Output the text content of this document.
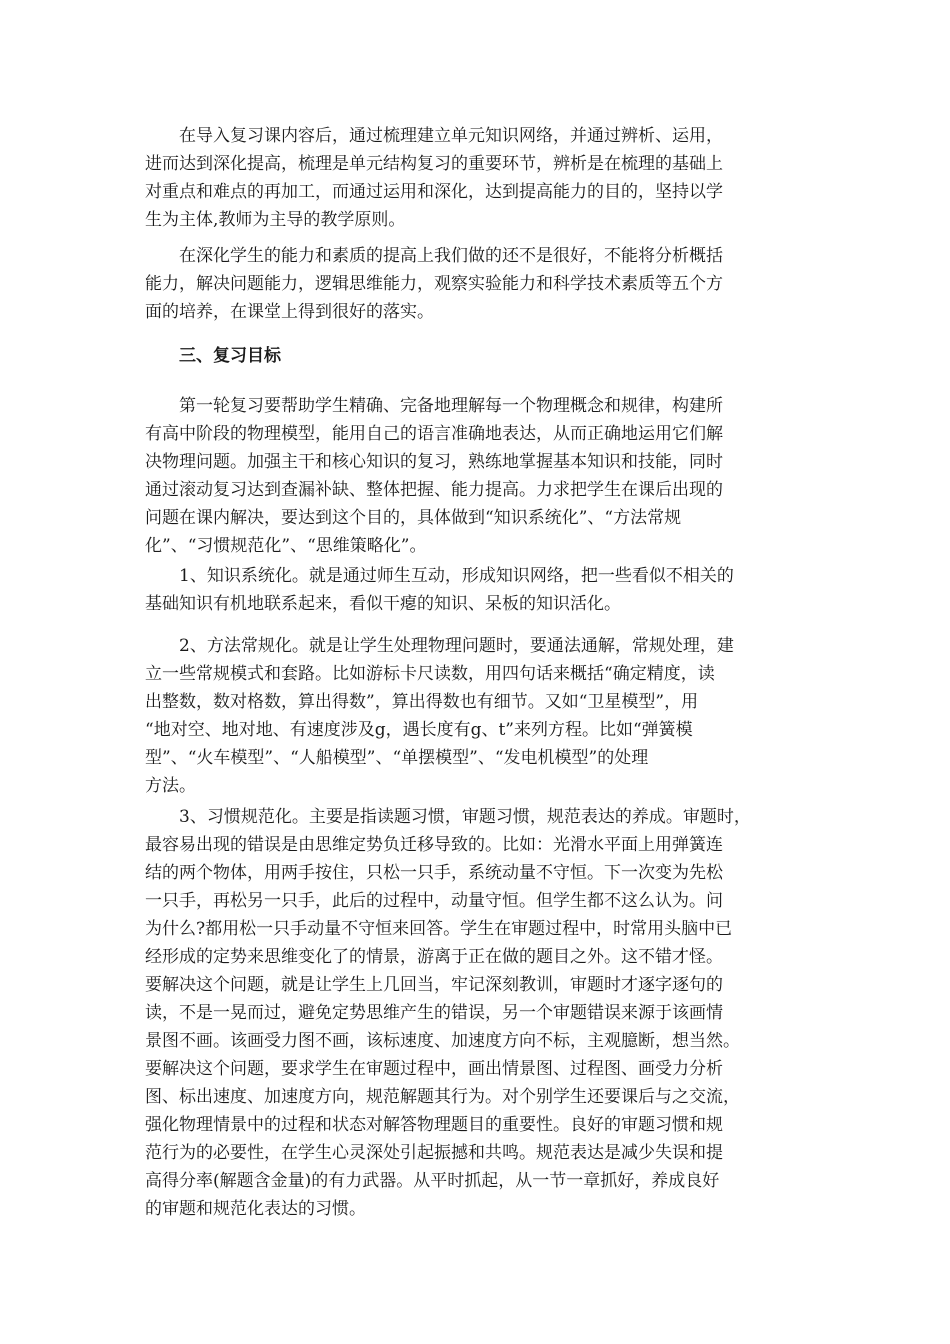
　　在导入复习课内容后，通过梳理建立单元知识网络，并通过辨析、运用，
进而达到深化提高，梳理是单元结构复习的重要环节，辨析是在梳理的基础上
对重点和难点的再加工，而通过运用和深化，达到提高能力的目的，坚持以学
生为主体,教师为主导的教学原则。

　　在深化学生的能力和素质的提高上我们做的还不是很好，不能将分析概括
能力，解决问题能力，逻辑思维能力，观察实验能力和科学技术素质等五个方
面的培养，在课堂上得到很好的落实。

　　三、复习目标

　　第一轮复习要帮助学生精确、完备地理解每一个物理概念和规律，构建所
有高中阶段的物理模型，能用自己的语言准确地表达，从而正确地运用它们解
决物理问题。加强主干和核心知识的复习，熟练地掌握基本知识和技能，同时
通过滚动复习达到查漏补缺、整体把握、能力提高。力求把学生在课后出现的
问题在课内解决，要达到这个目的，具体做到“知识系统化”、“方法常规
化”、“习惯规范化”、“思维策略化”。

　　1、知识系统化。就是通过师生互动，形成知识网络，把一些看似不相关的
基础知识有机地联系起来，看似干瘪的知识、呆板的知识活化。

　　2、方法常规化。就是让学生处理物理问题时，要通法通解，常规处理，建
立一些常规模式和套路。比如游标卡尺读数，用四句话来概括“确定精度，读
出整数，数对格数，算出得数”，算出得数也有细节。又如“卫星模型”，用
“地对空、地对地、有速度涉及g，遇长度有g、t”来列方程。比如“弹簧模
型”、“火车模型”、“人船模型”、“单摆模型”、“发电机模型”的处理
方法。

　　3、习惯规范化。主要是指读题习惯，审题习惯，规范表达的养成。审题时，
最容易出现的错误是由思维定势负迁移导致的。比如：光滑水平面上用弹簧连
结的两个物体，用两手按住，只松一只手，系统动量不守恒。下一次变为先松
一只手，再松另一只手，此后的过程中，动量守恒。但学生都不这么认为。问
为什么?都用松一只手动量不守恒来回答。学生在审题过程中，时常用头脑中已
经形成的定势来思维变化了的情景，游离于正在做的题目之外。这不错才怪。
要解决这个问题，就是让学生上几回当，牢记深刻教训，审题时才逐字逐句的
读，不是一晃而过，避免定势思维产生的错误，另一个审题错误来源于该画情
景图不画。该画受力图不画，该标速度、加速度方向不标，主观臆断，想当然。
要解决这个问题，要求学生在审题过程中，画出情景图、过程图、画受力分析
图、标出速度、加速度方向，规范解题其行为。对个别学生还要课后与之交流，
强化物理情景中的过程和状态对解答物理题目的重要性。良好的审题习惯和规
范行为的必要性，在学生心灵深处引起振撼和共鸣。规范表达是减少失误和提
高得分率(解题含金量)的有力武器。从平时抓起，从一节一章抓好，养成良好
的审题和规范化表达的习惯。
